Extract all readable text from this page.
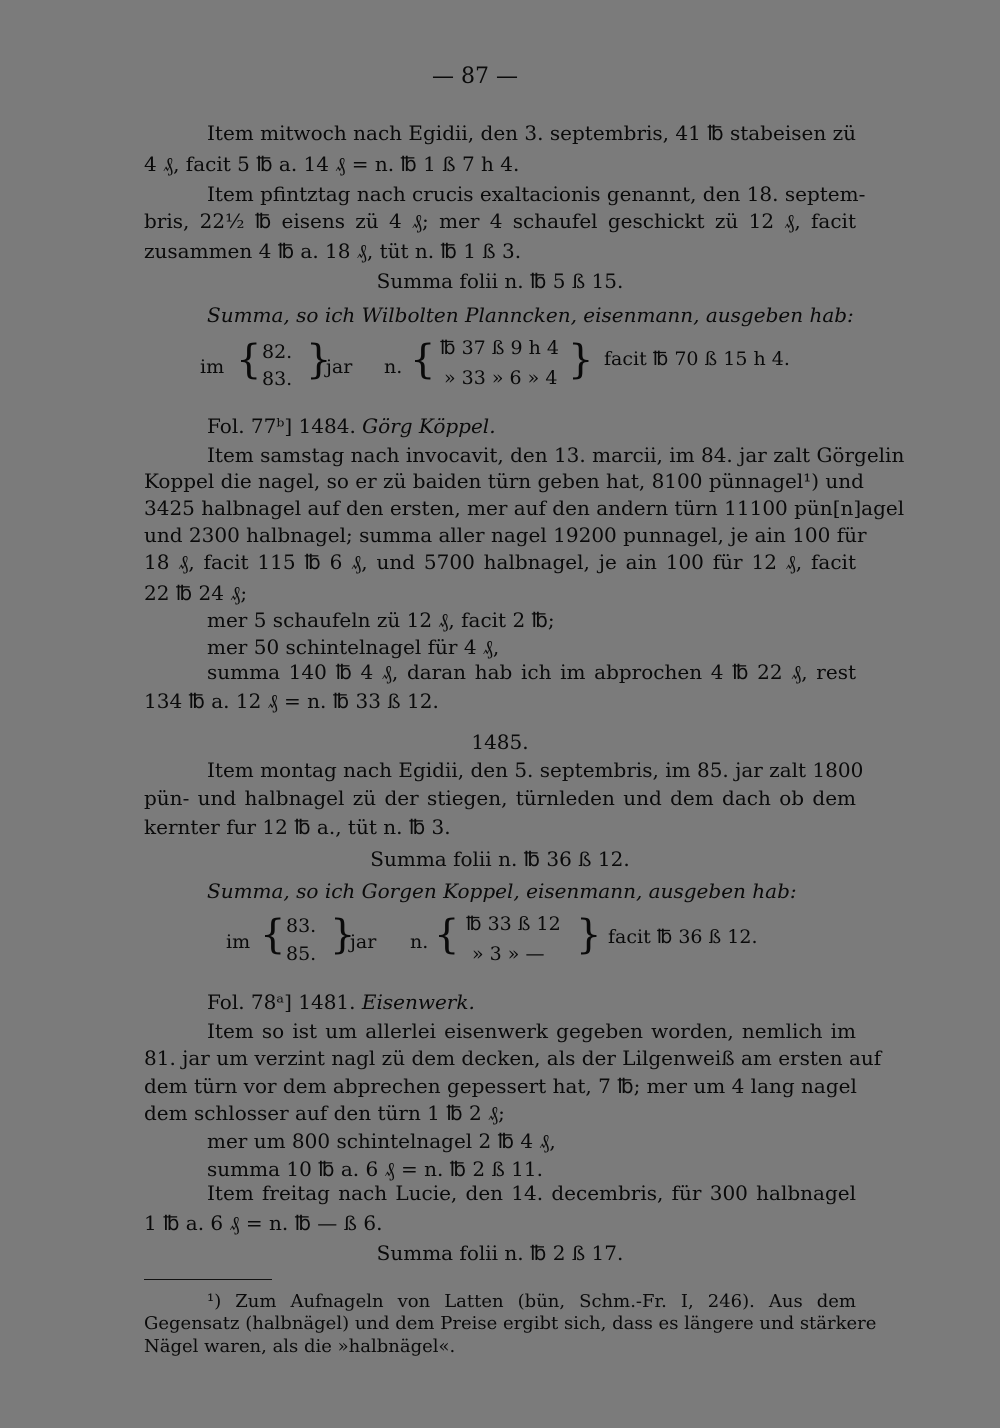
— 87 —
Item mitwoch nach Egidii, den 3. septembris, 41 ℔ stabeisen zü
4 ₰, facit 5 ℔ a. 14 ₰ = n. ℔ 1 ß 7 h 4.
Item pfintztag nach crucis exaltacionis genannt, den 18. septem-
bris, 22½ ℔ eisens zü 4 ₰; mer 4 schaufel geschickt zü 12 ₰, facit
zusammen 4 ℔ a. 18 ₰, tüt n. ℔ 1 ß 3.
Summa folii n. ℔ 5 ß 15.
Summa, so ich Wilbolten Planncken, eisenmann, ausgeben hab:
im { 82.
83. }
jar n. { ℔ 37 ß 9 h 4
» 33 » 6 » 4 } facit ℔ 70 ß 15 h 4.
Fol. 77ᵇ] 1484. Görg Köppel.
Item samstag nach invocavit, den 13. marcii, im 84. jar zalt Görgelin
Koppel die nagel, so er zü baiden türn geben hat, 8100 pünnagel¹) und
3425 halbnagel auf den ersten, mer auf den andern türn 11100 pün[n]agel
und 2300 halbnagel; summa aller nagel 19200 punnagel, je ain 100 für
18 ₰, facit 115 ℔ 6 ₰, und 5700 halbnagel, je ain 100 für 12 ₰, facit
22 ℔ 24 ₰;
mer 5 schaufeln zü 12 ₰, facit 2 ℔;
mer 50 schintelnagel für 4 ₰,
summa 140 ℔ 4 ₰, daran hab ich im abprochen 4 ℔ 22 ₰, rest
134 ℔ a. 12 ₰ = n. ℔ 33 ß 12.
1485.
Item montag nach Egidii, den 5. septembris, im 85. jar zalt 1800
pün- und halbnagel zü der stiegen, türnleden und dem dach ob dem
kernter fur 12 ℔ a., tüt n. ℔ 3.
Summa folii n. ℔ 36 ß 12.
Summa, so ich Gorgen Koppel, eisenmann, ausgeben hab:
im { 83.
85. }
jar n. { ℔ 33 ß 12
» 3 » — } facit ℔ 36 ß 12.
Fol. 78ᵃ] 1481. Eisenwerk.
Item so ist um allerlei eisenwerk gegeben worden, nemlich im
81. jar um verzint nagl zü dem decken, als der Lilgenweiß am ersten auf
dem türn vor dem abprechen gepessert hat, 7 ℔; mer um 4 lang nagel
dem schlosser auf den türn 1 ℔ 2 ₰;
mer um 800 schintelnagel 2 ℔ 4 ₰,
summa 10 ℔ a. 6 ₰ = n. ℔ 2 ß 11.
Item freitag nach Lucie, den 14. decembris, für 300 halbnagel
1 ℔ a. 6 ₰ = n. ℔ — ß 6.
Summa folii n. ℔ 2 ß 17.
¹) Zum Aufnageln von Latten (bün, Schm.-Fr. I, 246). Aus dem
Gegensatz (halbnägel) und dem Preise ergibt sich, dass es längere und stärkere
Nägel waren, als die »halbnägel«.
